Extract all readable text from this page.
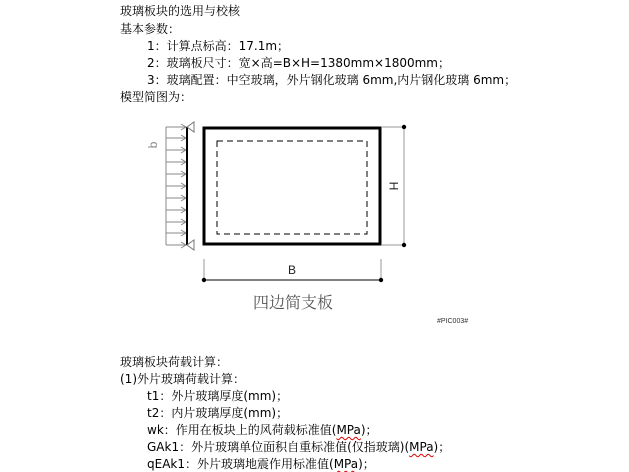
玻璃板块的选用与校核
基本参数：
1：计算点标高：17.1m；
2：玻璃板尺寸：宽×高=B×H=1380mm×1800mm；
3：玻璃配置：中空玻璃，外片钢化玻璃 6mm,内片钢化玻璃 6mm；
模型简图为：
q
H
B
四边简支板
#PIC003#
玻璃板块荷载计算：
(1)外片玻璃荷载计算：
t1：外片玻璃厚度(mm)；
t2：内片玻璃厚度(mm)；
wk：作用在板块上的风荷载标准值(MPa)；
GAk1：外片玻璃单位面积自重标准值(仅指玻璃)(MPa)；
qEAk1：外片玻璃地震作用标准值(MPa)；
